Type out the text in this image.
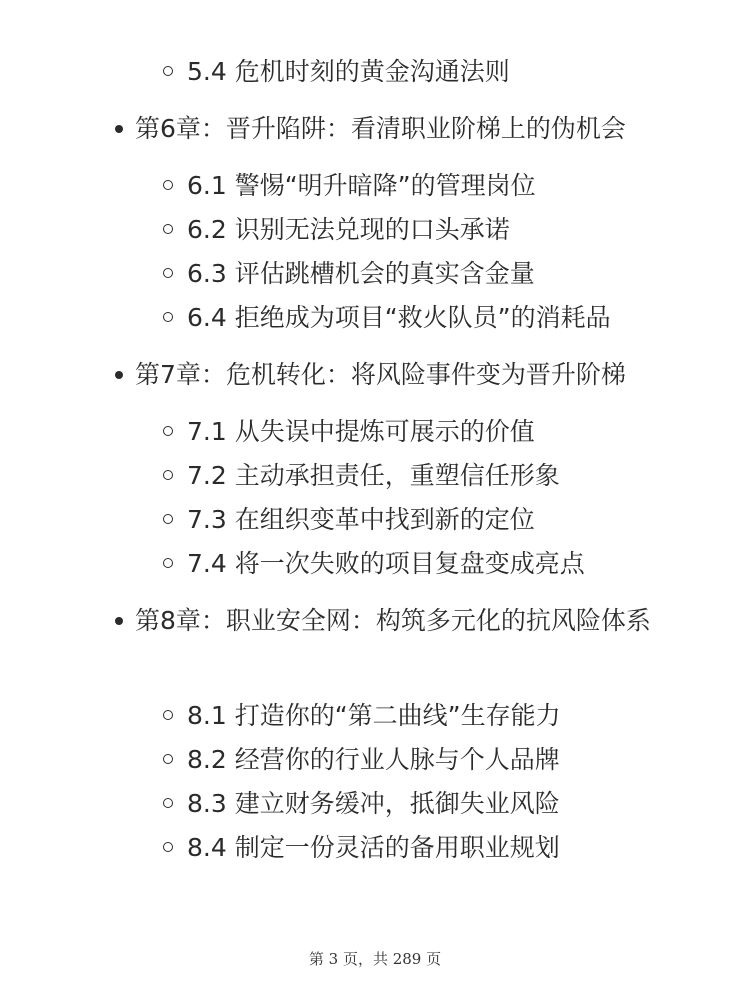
5.4 危机时刻的黄金沟通法则
第6章：晋升陷阱：看清职业阶梯上的伪机会
6.1 警惕“明升暗降”的管理岗位
6.2 识别无法兑现的口头承诺
6.3 评估跳槽机会的真实含金量
6.4 拒绝成为项目“救火队员”的消耗品
第7章：危机转化：将风险事件变为晋升阶梯
7.1 从失误中提炼可展示的价值
7.2 主动承担责任，重塑信任形象
7.3 在组织变革中找到新的定位
7.4 将一次失败的项目复盘变成亮点
第8章：职业安全网：构筑多元化的抗风险体系
8.1 打造你的“第二曲线”生存能力
8.2 经营你的行业人脉与个人品牌
8.3 建立财务缓冲，抵御失业风险
8.4 制定一份灵活的备用职业规划
第 3 页，共 289 页
